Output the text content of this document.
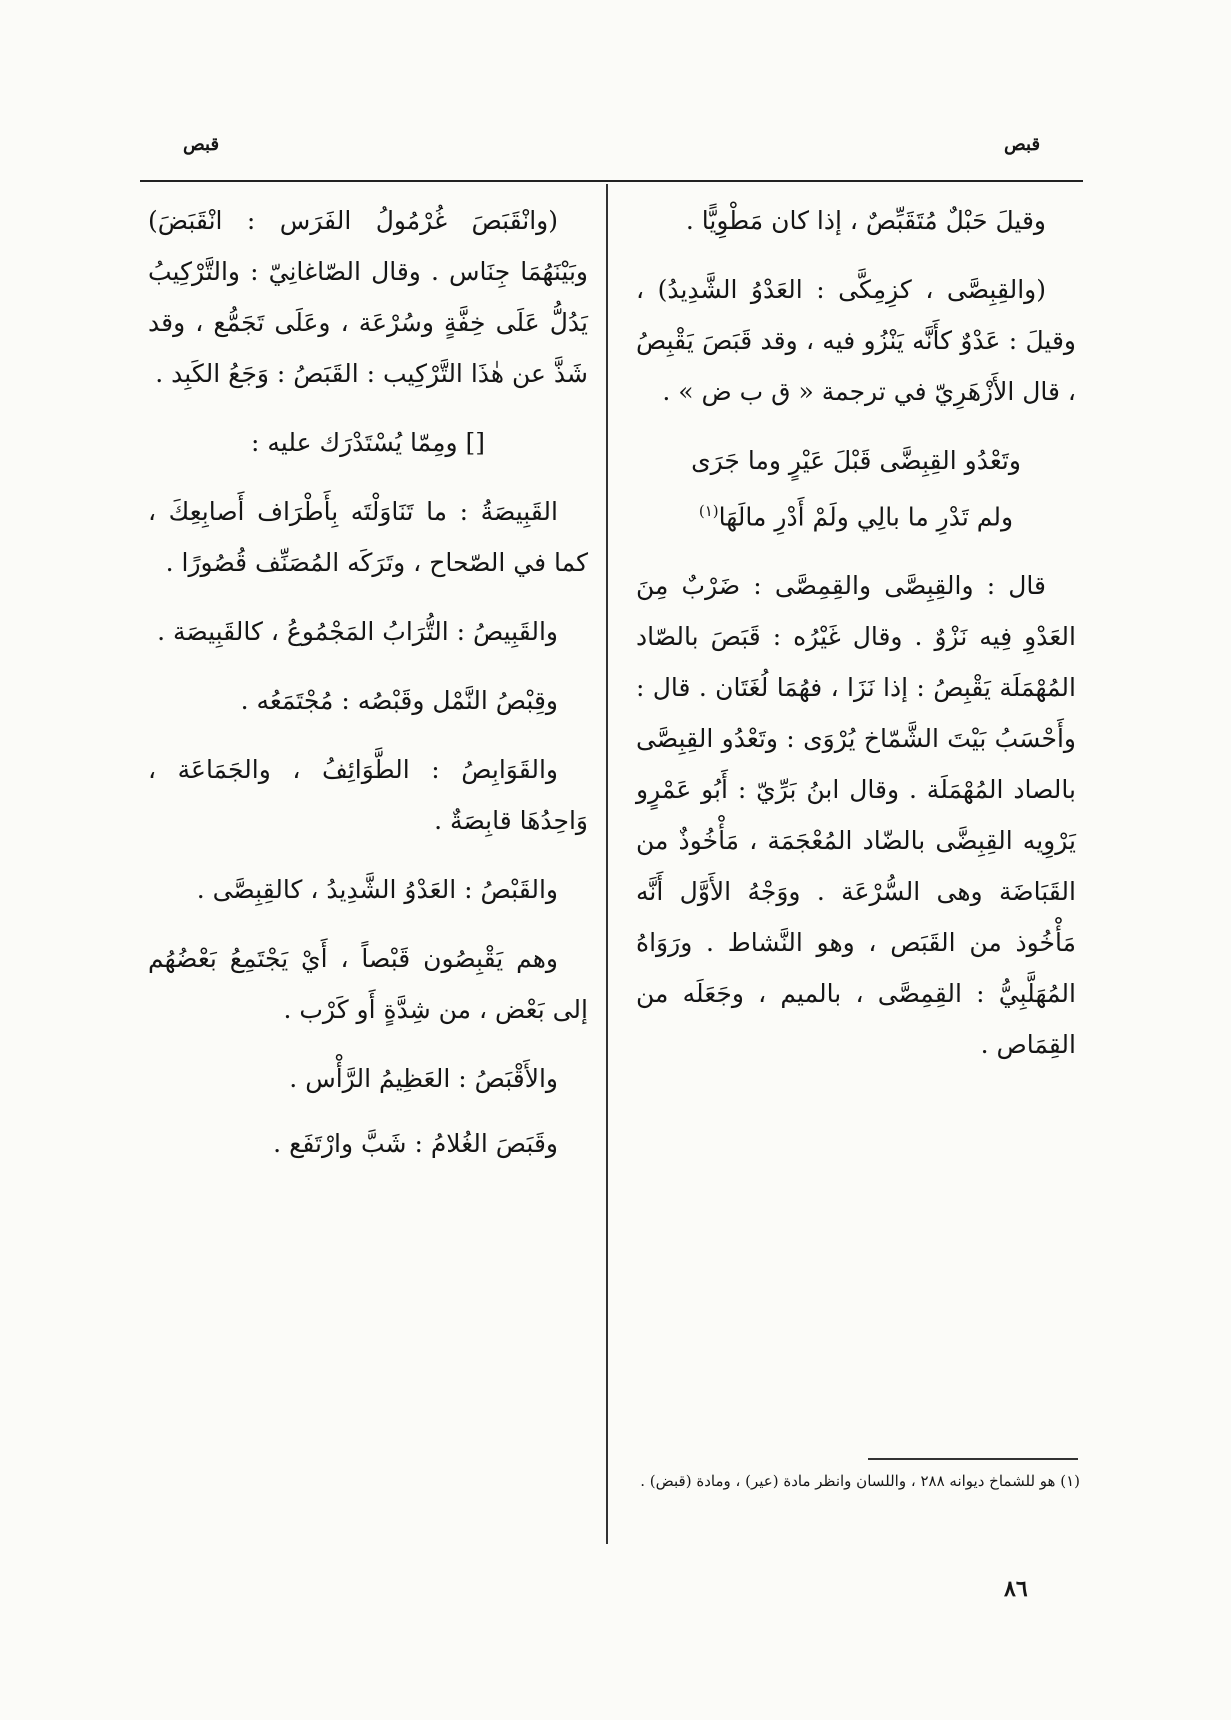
قبص	قبص

وقيلَ حَبْلٌ مُتَقَبِّصٌ ، إذا كان مَطْوِيًّا .

(والقِبِصَّى ، كزِمِكَّى : العَدْوُ الشَّدِيدُ) ، وقيلَ : عَدْوٌ كأَنَّه يَنْزُو فيه ، وقد قَبَصَ يَقْبِصُ ، قال الأَزْهَرِيّ في ترجمة « ق ب ض » .

وتَعْدُو القِبِضَّى قَبْلَ عَيْرٍ وما جَرَى

ولم تَدْرِ ما بالِي ولَمْ أَدْرِ مالَهَا$^{(١)}$

قال : والقِبِصَّى والقِمِصَّى : ضَرْبٌ مِنَ العَدْوِ فِيه نَزْوٌ . وقال غَيْرُه : قَبَصَ بالصّاد المُهْمَلَة يَقْبِصُ : إذا نَزَا ، فهُمَا لُغَتَان . قال : وأَحْسَبُ بَيْتَ الشَّمّاخ يُرْوَى : وتَعْدُو القِبِصَّى بالصاد المُهْمَلَة . وقال ابنُ بَرِّيّ : أَبُو عَمْرٍو يَرْوِيه القِبِضَّى بالضّاد المُعْجَمَة ، مَأْخُوذٌ من القَبَاضَة وهى السُّرْعَة . ووَجْهُ الأَوَّل أَنَّه مَأْخُوذ من القَبَص ، وهو النَّشاط . ورَوَاهُ المُهَلَّبِيُّ : القِمِصَّى ، بالميم ، وجَعَلَه من القِمَاص .

(وانْقَبَصَ غُرْمُولُ الفَرَس : انْقَبَضَ) وبَيْنَهُمَا جِنَاس . وقال الصّاغانِيّ : والتَّرْكِيبُ يَدُلُّ عَلَى خِفَّةٍ وسُرْعَة ، وعَلَى تَجَمُّع ، وقد شَذَّ عن هٰذَا التَّرْكِيب : القَبَصُ : وَجَعُ الكَبِد .

[] ومِمّا يُسْتَدْرَك عليه :

القَبِيصَةُ : ما تَنَاوَلْتَه بِأَطْرَاف أَصابِعِكَ ، كما في الصّحاح ، وتَرَكَه المُصَنِّف قُصُورًا .

والقَبِيصُ : التُّرَابُ المَجْمُوعُ ، كالقَبِيصَة .

وقِبْصُ النَّمْل وقَبْصُه : مُجْتَمَعُه .

والقَوَابِصُ : الطَّوَائِفُ ، والجَمَاعَة ، وَاحِدُهَا قابِصَةٌ .

والقَبْصُ : العَدْوُ الشَّدِيدُ ، كالقِبِصَّى .

وهم يَقْبِصُون قَبْصاً ، أَيْ يَجْتَمِعُ بَعْضُهُم إلى بَعْض ، من شِدَّةٍ أَو كَرْب .

والأَقْبَصُ : العَظِيمُ الرَّأْس .

وقَبَصَ الغُلامُ : شَبَّ وارْتَفَع .

(١) هو للشماخ ديوانه ٢٨٨ ، واللسان وانظر مادة (عير) ، ومادة (قبض) .
٨٦
